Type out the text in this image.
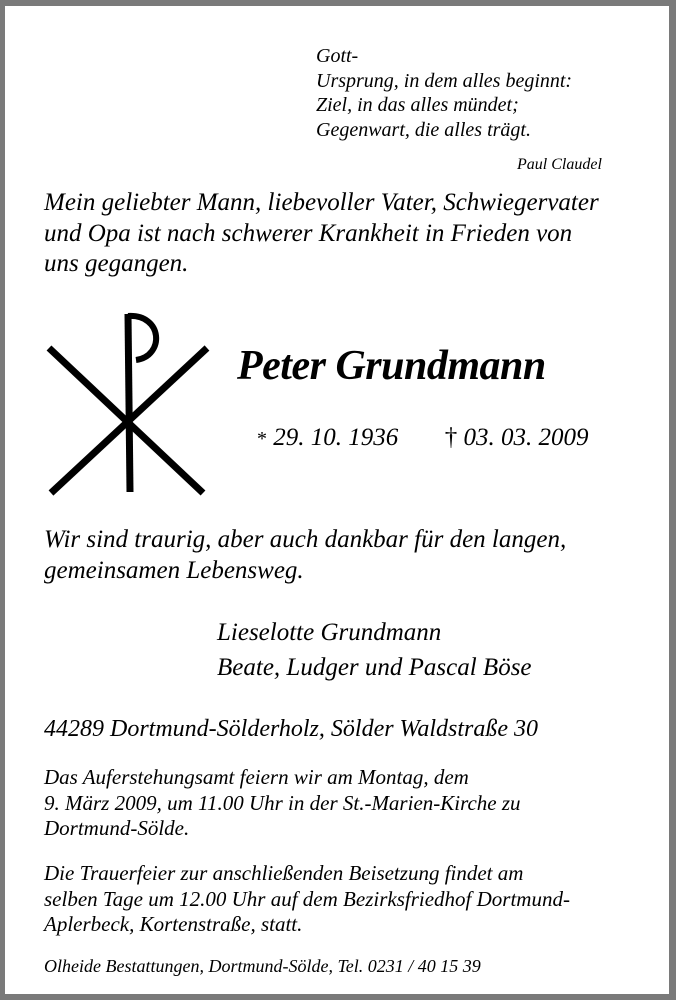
Gott-
Ursprung, in dem alles beginnt:
Ziel, in das alles mündet;
Gegenwart, die alles trägt.
Paul Claudel
Mein geliebter Mann, liebevoller Vater, Schwiegervater
und Opa ist nach schwerer Krankheit in Frieden von
uns gegangen.
Peter Grundmann
* 29. 10. 1936 † 03. 03. 2009
Wir sind traurig, aber auch dankbar für den langen,
gemeinsamen Lebensweg.
Lieselotte Grundmann
Beate, Ludger und Pascal Böse
44289 Dortmund-Sölderholz, Sölder Waldstraße 30
Das Auferstehungsamt feiern wir am Montag, dem
9. März 2009, um 11.00 Uhr in der St.-Marien-Kirche zu
Dortmund-Sölde.
Die Trauerfeier zur anschließenden Beisetzung findet am
selben Tage um 12.00 Uhr auf dem Bezirksfriedhof Dortmund-
Aplerbeck, Kortenstraße, statt.
Olheide Bestattungen, Dortmund-Sölde, Tel. 0231 / 40 15 39
